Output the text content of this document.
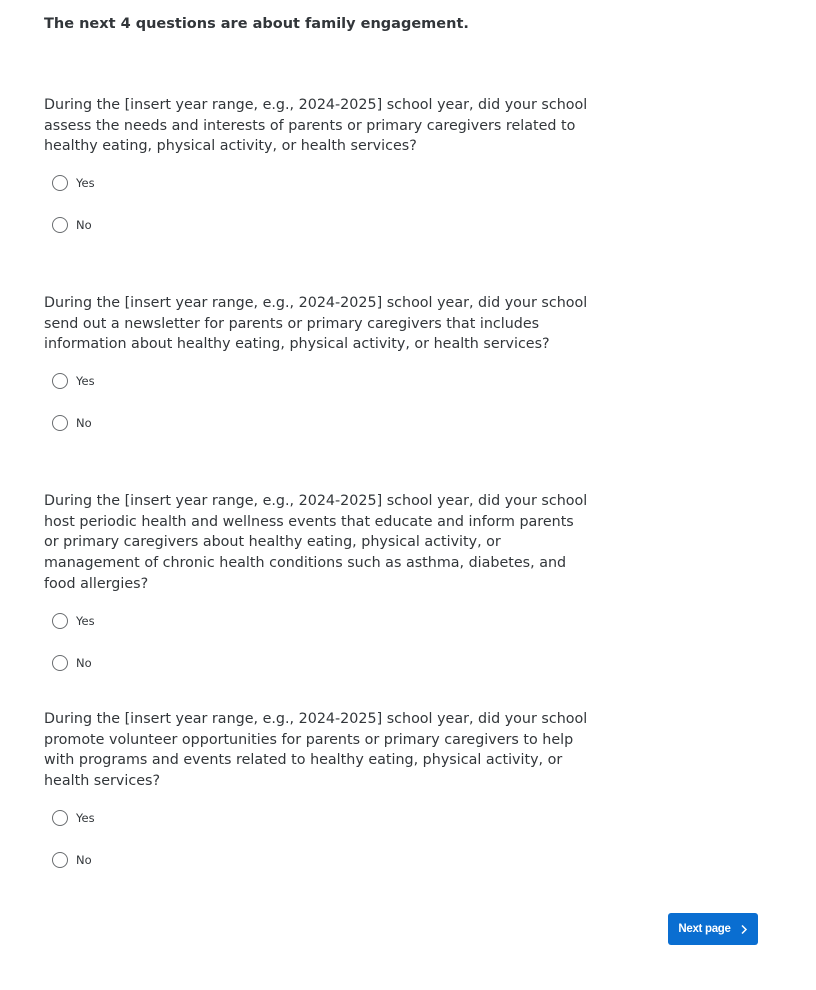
The next 4 questions are about family engagement.

During the [insert year range, e.g., 2024-2025] school year, did your school assess the needs and interests of parents or primary caregivers related to healthy eating, physical activity, or health services?

Yes
No

During the [insert year range, e.g., 2024-2025] school year, did your school send out a newsletter for parents or primary caregivers that includes information about healthy eating, physical activity, or health services?

Yes
No

During the [insert year range, e.g., 2024-2025] school year, did your school host periodic health and wellness events that educate and inform parents or primary caregivers about healthy eating, physical activity, or management of chronic health conditions such as asthma, diabetes, and food allergies?

Yes
No

During the [insert year range, e.g., 2024-2025] school year, did your school promote volunteer opportunities for parents or primary caregivers to help with programs and events related to healthy eating, physical activity, or health services?

Yes
No
Next page
